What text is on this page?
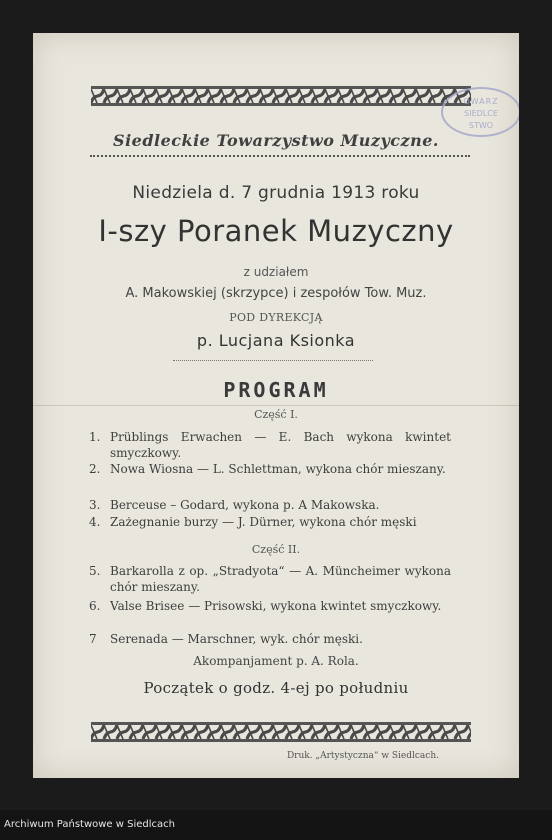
OWARZ
SIEDLCE
STWO
Siedleckie Towarzystwo Muzyczne.
Niedziela d. 7 grudnia 1913 roku
I-szy Poranek Muzyczny
z udziałem
A. Makowskiej (skrzypce) i zespołów Tow. Muz.
POD DYREKCJĄ
p. Lucjana Ksionka
PROGRAM
Część I.
1. Prüblings Erwachen — E. Bach wykona kwintet smyczkowy.
2. Nowa Wiosna — L. Schlettman, wykona chór mieszany.
3. Berceuse – Godard, wykona p. A Makowska.
4. Zażegnanie burzy — J. Dürner, wykona chór męski
Część II.
5. Barkarolla z op. „Stradyota“ — A. Müncheimer wykona chór mieszany.
6. Valse Brisee — Prisowski, wykona kwintet smyczkowy.
7	Serenada — Marschner, wyk. chór męski.
Akompanjament p. A. Rola.
Początek o godz. 4-ej po południu
Druk. „Artystyczna“ w Siedlcach.
Archiwum Państwowe w Siedlcach
